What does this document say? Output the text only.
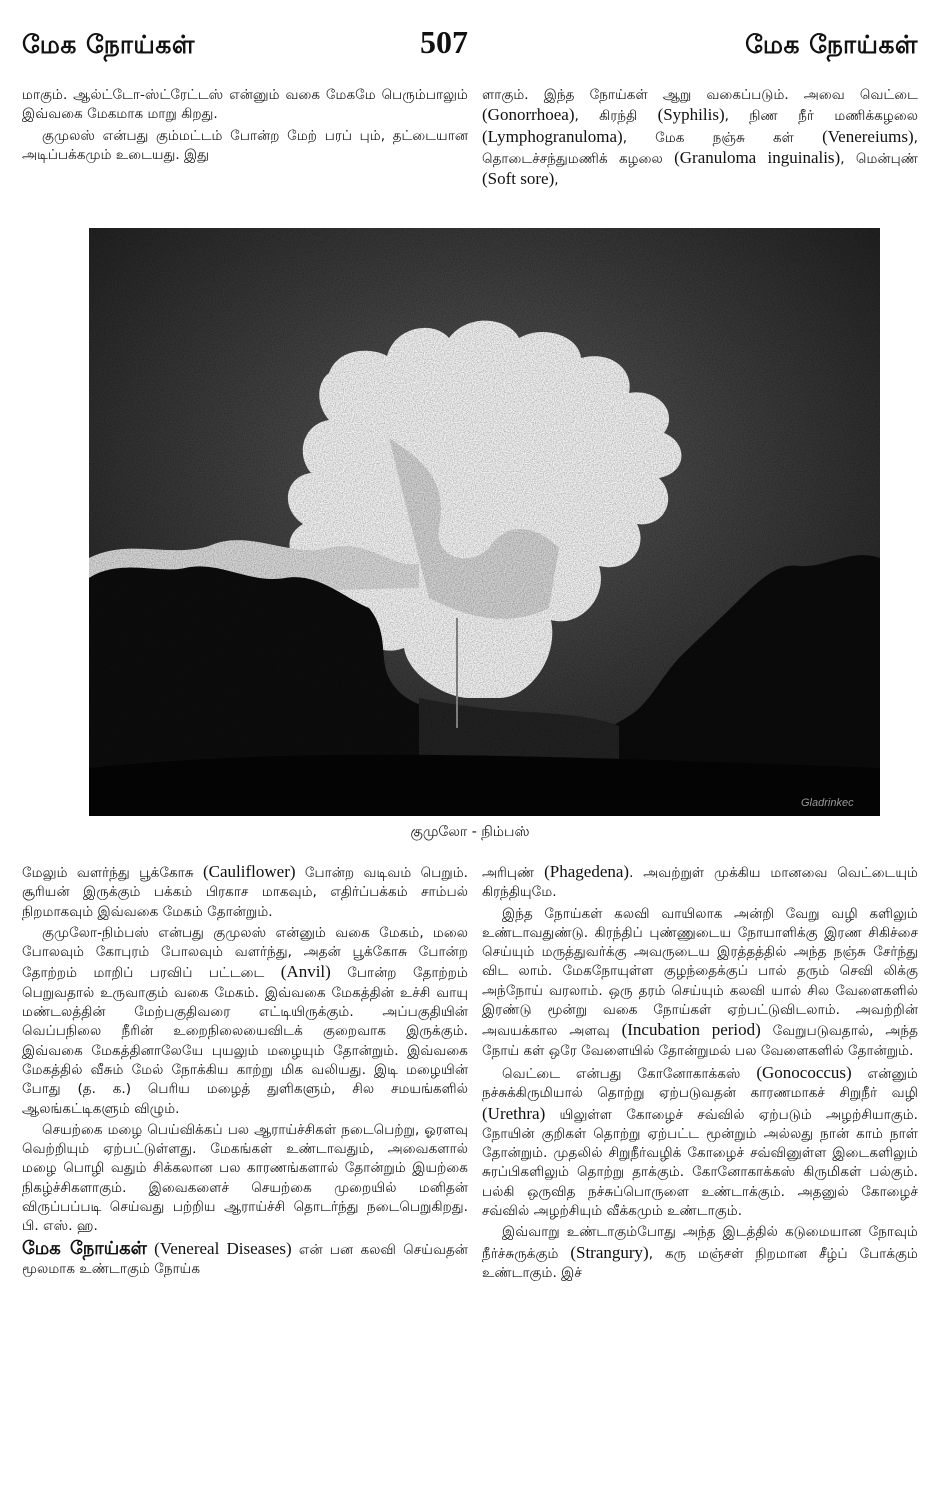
மேக நோய்கள்	507	மேக நோய்கள்

மாகும். ஆல்ட்டோ-ஸ்ட்ரேட்டஸ் என்னும் வகை மேகமே பெரும்பாலும் இவ்வகை மேகமாக மாறு கிறது.

குமுலஸ் என்பது கும்மட்டம் போன்ற மேற் பரப் பும், தட்டையான அடிப்பக்கமும் உடையது. இது

ளாகும். இந்த நோய்கள் ஆறு வகைப்படும். அவை வெட்டை (Gonorrhoea), கிரந்தி (Syphilis), நிண நீர் மணிக்கழலை (Lymphogranuloma), மேக நஞ்சு கள் (Venereiums), தொடைச்சந்துமணிக் கழலை (Granuloma inguinalis), மென்புண் (Soft sore),

Gladrinkec
குமுலோ - நிம்பஸ்

மேலும் வளர்ந்து பூக்கோசு (Cauliflower) போன்ற வடிவம் பெறும். சூரியன் இருக்கும் பக்கம் பிரகாச மாகவும், எதிர்ப்பக்கம் சாம்பல் நிறமாகவும் இவ்வகை மேகம் தோன்றும்.

குமுலோ-நிம்பஸ் என்பது குமுலஸ் என்னும் வகை மேகம், மலை போலவும் கோபுரம் போலவும் வளர்ந்து, அதன் பூக்கோசு போன்ற தோற்றம் மாறிப் பரவிப் பட்டடை (Anvil) போன்ற தோற்றம் பெறுவதால் உருவாகும் வகை மேகம். இவ்வகை மேகத்தின் உச்சி வாயு மண்டலத்தின் மேற்பகுதிவரை எட்டியிருக்கும். அப்பகுதியின் வெப்பநிலை நீரின் உறைநிலையைவிடக் குறைவாக இருக்கும். இவ்வகை மேகத்தினாலேயே புயலும் மழையும் தோன்றும். இவ்வகை மேகத்தில் வீசும் மேல் நோக்கிய காற்று மிக வலியது. இடி மழையின் போது (த. க.) பெரிய மழைத் துளிகளும், சில சமயங்களில் ஆலங்கட்டிகளும் விழும்.

செயற்கை மழை பெய்விக்கப் பல ஆராய்ச்சிகள் நடைபெற்று, ஓரளவு வெற்றியும் ஏற்பட்டுள்ளது. மேகங்கள் உண்டாவதும், அவைகளால் மழை பொழி வதும் சிக்கலான பல காரணங்களால் தோன்றும் இயற்கை நிகழ்ச்சிகளாகும். இவைகளைச் செயற்கை முறையில் மனிதன் விருப்பப்படி செய்வது பற்றிய ஆராய்ச்சி தொடர்ந்து நடைபெறுகிறது. பி. எஸ். ஹ.

மேக நோய்கள் (Venereal Diseases) என் பன கலவி செய்வதன் மூலமாக உண்டாகும் நோய்க

அரிபுண் (Phagedena). அவற்றுள் முக்கிய மானவை வெட்டையும் கிரந்தியுமே.

இந்த நோய்கள் கலவி வாயிலாக அன்றி வேறு வழி களிலும் உண்டாவதுண்டு. கிரந்திப் புண்ணுடைய நோயாளிக்கு இரண சிகிச்சை செய்யும் மருத்துவர்க்கு அவருடைய இரத்தத்தில் அந்த நஞ்சு சேர்ந்து விட லாம். மேகநோயுள்ள குழந்தைக்குப் பால் தரும் செவி லிக்கு அந்நோய் வரலாம். ஒரு தரம் செய்யும் கலவி யால் சில வேளைகளில் இரண்டு மூன்று வகை நோய்கள் ஏற்பட்டுவிடலாம். அவற்றின் அவயக்கால அளவு (Incubation period) வேறுபடுவதால், அந்த நோய் கள் ஒரே வேளையில் தோன்றுமல் பல வேளைகளில் தோன்றும்.

வெட்டை என்பது கோனோகாக்கஸ் (Gonococcus) என்னும் நச்சுக்கிருமியால் தொற்று ஏற்படுவதன் காரணமாகச் சிறுநீர் வழி (Urethra) யிலுள்ள கோழைச் சவ்வில் ஏற்படும் அழற்சியாகும். நோயின் குறிகள் தொற்று ஏற்பட்ட மூன்றும் அல்லது நான் காம் நாள் தோன்றும். முதலில் சிறுநீர்வழிக் கோழைச் சவ்வினுள்ள இடைகளிலும் சுரப்பிகளிலும் தொற்று தாக்கும். கோனோகாக்கஸ் கிருமிகள் பல்கும். பல்கி ஒருவித நச்சுப்பொருளை உண்டாக்கும். அதனுல் கோழைச் சவ்வில் அழற்சியும் வீக்கமும் உண்டாகும்.

இவ்வாறு உண்டாகும்போது அந்த இடத்தில் கடுமையான நோவும் நீர்ச்சுருக்கும் (Strangury), கரு மஞ்சள் நிறமான சீழ்ப் போக்கும் உண்டாகும். இச்
